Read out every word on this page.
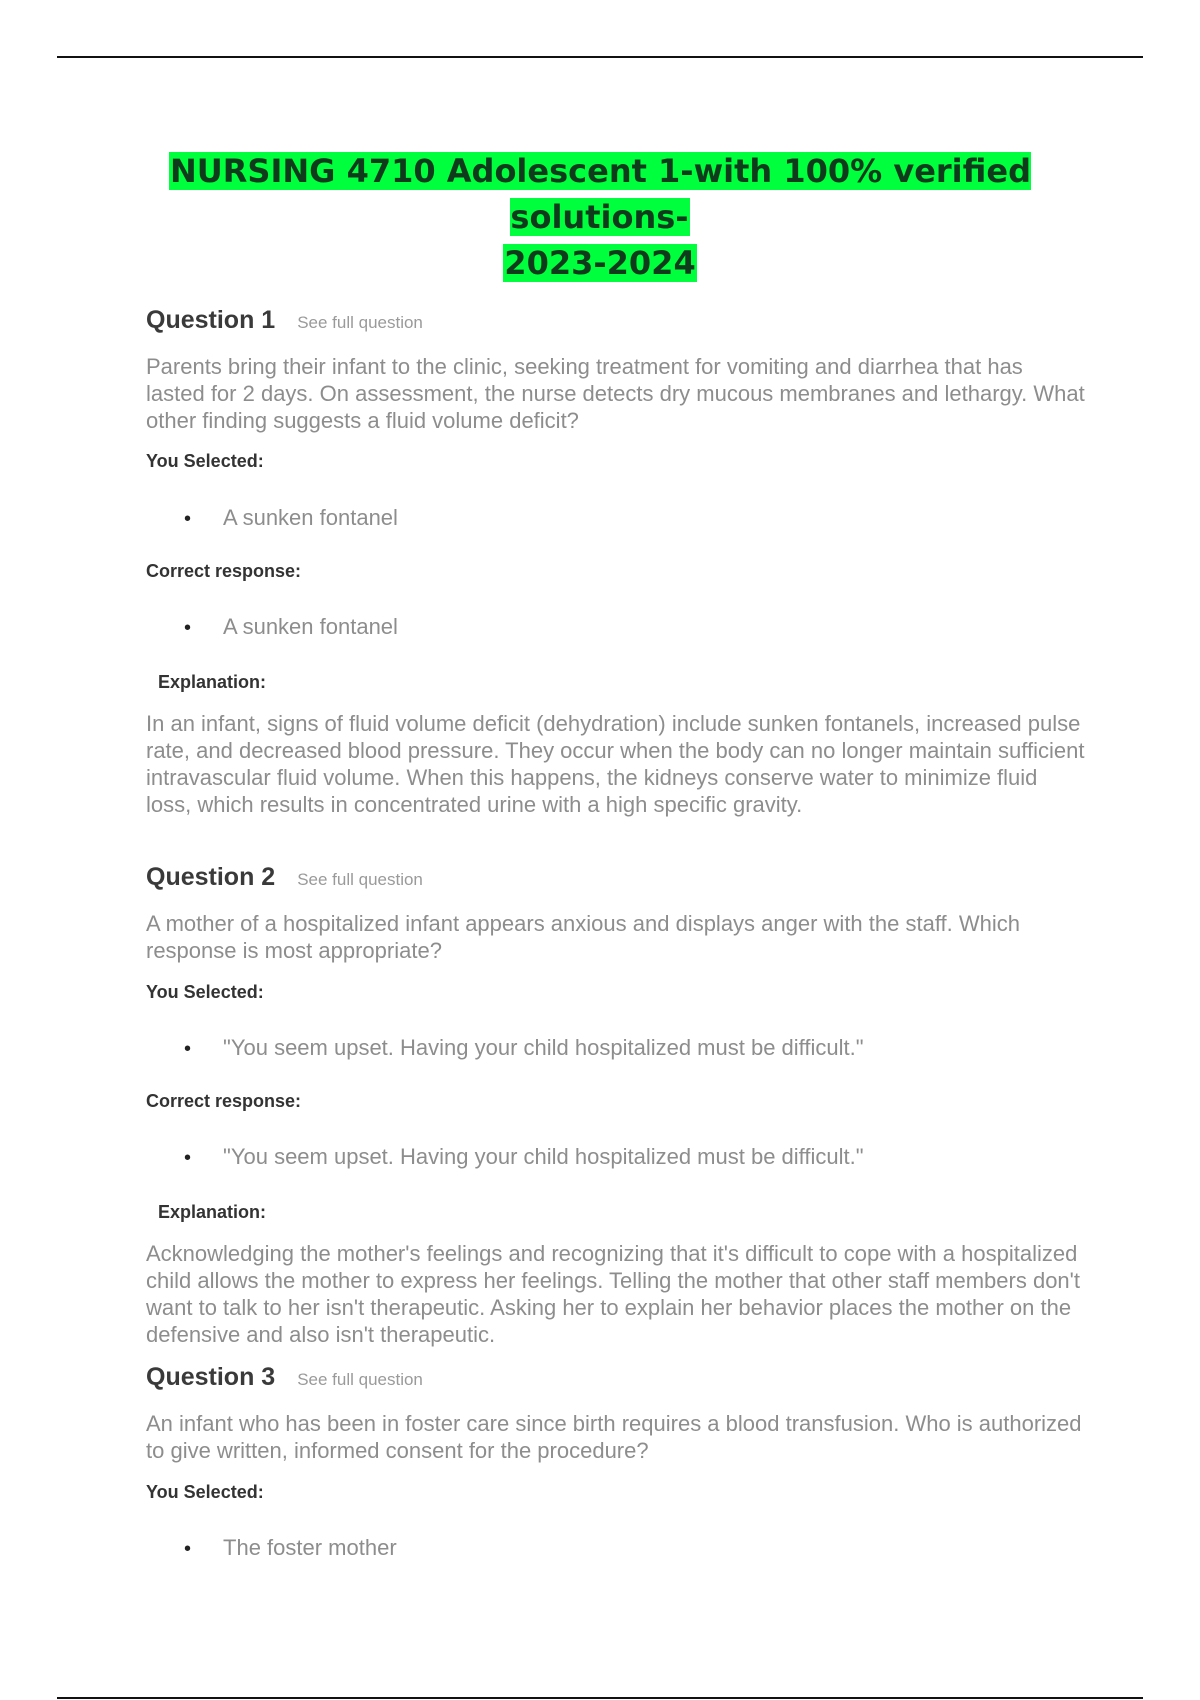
NURSING 4710 Adolescent 1-with 100% verified solutions-
2023-2024
Question 1 See full question

Parents bring their infant to the clinic, seeking treatment for vomiting and diarrhea that has lasted for 2 days. On assessment, the nurse detects dry mucous membranes and lethargy. What other finding suggests a fluid volume deficit?

You Selected:
• A sunken fontanel
Correct response:
• A sunken fontanel
Explanation:

In an infant, signs of fluid volume deficit (dehydration) include sunken fontanels, increased pulse rate, and decreased blood pressure. They occur when the body can no longer maintain sufficient intravascular fluid volume. When this happens, the kidneys conserve water to minimize fluid loss, which results in concentrated urine with a high specific gravity.

Question 2 See full question

A mother of a hospitalized infant appears anxious and displays anger with the staff. Which response is most appropriate?

You Selected:
• "You seem upset. Having your child hospitalized must be difficult."
Correct response:
• "You seem upset. Having your child hospitalized must be difficult."
Explanation:

Acknowledging the mother's feelings and recognizing that it's difficult to cope with a hospitalized child allows the mother to express her feelings. Telling the mother that other staff members don't want to talk to her isn't therapeutic. Asking her to explain her behavior places the mother on the defensive and also isn't therapeutic.

Question 3 See full question

An infant who has been in foster care since birth requires a blood transfusion. Who is authorized to give written, informed consent for the procedure?

You Selected:
• The foster mother
